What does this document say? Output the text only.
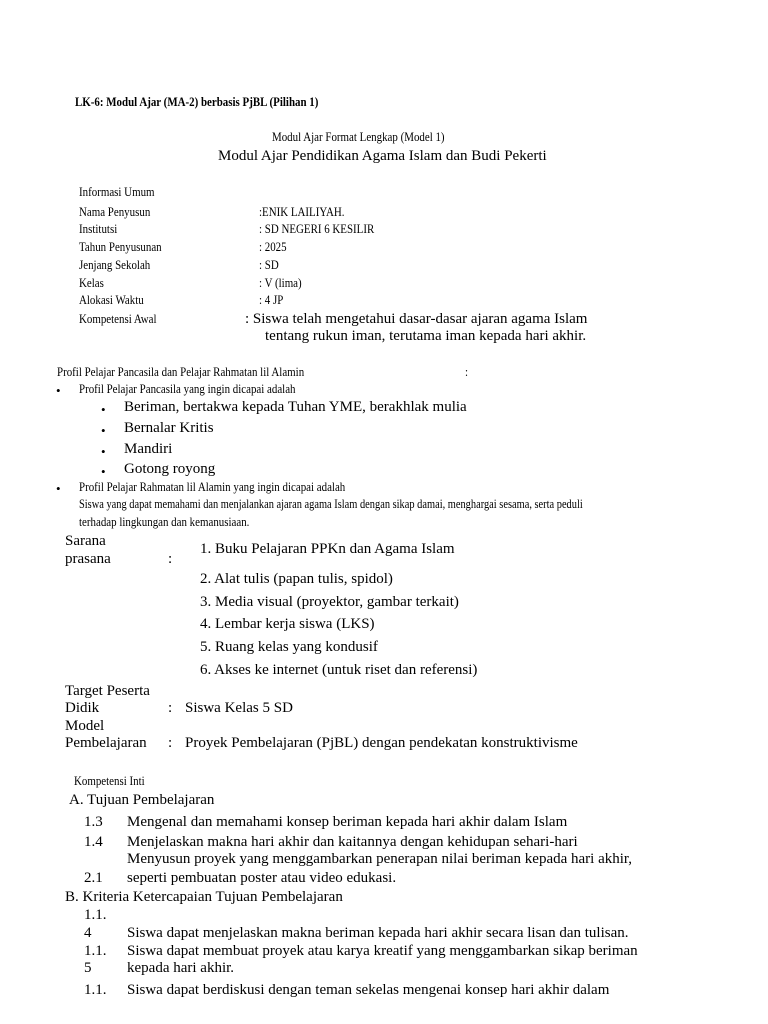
LK-6: Modul Ajar (MA-2) berbasis PjBL (Pilihan 1)
Modul Ajar Format Lengkap (Model 1)
Modul Ajar Pendidikan Agama Islam dan Budi Pekerti
Informasi Umum
Nama Penyusun	:ENIK LAILIYAH.
Institutsi	: SD NEGERI 6 KESILIR
Tahun Penyusunan	: 2025
Jenjang Sekolah	: SD
Kelas	: V (lima)
Alokasi Waktu	: 4 JP
Kompetensi Awal	: Siswa telah mengetahui dasar-dasar ajaran agama Islam
tentang rukun iman, terutama iman kepada hari akhir.
Profil Pelajar Pancasila dan Pelajar Rahmatan lil Alamin	:
• Profil Pelajar Pancasila yang ingin dicapai adalah
• Beriman, bertakwa kepada Tuhan YME, berakhlak mulia
• Bernalar Kritis
• Mandiri
• Gotong royong
• Profil Pelajar Rahmatan lil Alamin yang ingin dicapai adalah
Siswa yang dapat memahami dan menjalankan ajaran agama Islam dengan sikap damai, menghargai sesama, serta peduli
terhadap lingkungan dan kemanusiaan.
Sarana
prasana	:
1. Buku Pelajaran PPKn dan Agama Islam
2. Alat tulis (papan tulis, spidol)
3. Media visual (proyektor, gambar terkait)
4. Lembar kerja siswa (LKS)
5. Ruang kelas yang kondusif
6. Akses ke internet (untuk riset dan referensi)
Target Peserta
Didik	: Siswa Kelas 5 SD
Model
Pembelajaran : Proyek Pembelajaran (PjBL) dengan pendekatan konstruktivisme
Kompetensi Inti
A. Tujuan Pembelajaran
1.3 Mengenal dan memahami konsep beriman kepada hari akhir dalam Islam
1.4 Menjelaskan makna hari akhir dan kaitannya dengan kehidupan sehari-hari
Menyusun proyek yang menggambarkan penerapan nilai beriman kepada hari akhir,
2.1 seperti pembuatan poster atau video edukasi.
B. Kriteria Ketercapaian Tujuan Pembelajaran
1.1.
4 Siswa dapat menjelaskan makna beriman kepada hari akhir secara lisan dan tulisan.
1.1. Siswa dapat membuat proyek atau karya kreatif yang menggambarkan sikap beriman
5 kepada hari akhir.
1.1. Siswa dapat berdiskusi dengan teman sekelas mengenai konsep hari akhir dalam
